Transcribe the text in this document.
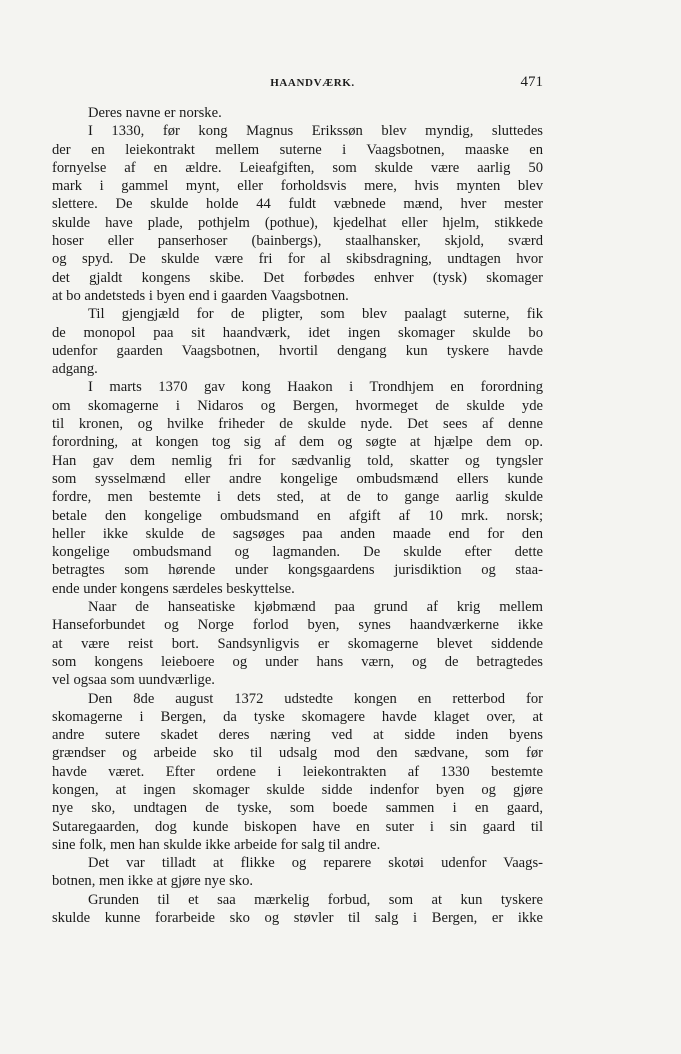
HAANDVÆRK.	471
Deres navne er norske.
I 1330, før kong Magnus Erikssøn blev myndig, sluttedes
der en leiekontrakt mellem suterne i Vaagsbotnen, maaske en
fornyelse af en ældre. Leieafgiften, som skulde være aarlig 50
mark i gammel mynt, eller forholdsvis mere, hvis mynten blev
slettere. De skulde holde 44 fuldt væbnede mænd, hver mester
skulde have plade, pothjelm (pothue), kjedelhat eller hjelm, stikkede
hoser eller panserhoser (bainbergs), staalhansker, skjold, sværd
og spyd. De skulde være fri for al skibsdragning, undtagen hvor
det gjaldt kongens skibe. Det forbødes enhver (tysk) skomager
at bo andetsteds i byen end i gaarden Vaagsbotnen.
Til gjengjæld for de pligter, som blev paalagt suterne, fik
de monopol paa sit haandværk, idet ingen skomager skulde bo
udenfor gaarden Vaagsbotnen, hvortil dengang kun tyskere havde
adgang.
I marts 1370 gav kong Haakon i Trondhjem en forordning
om skomagerne i Nidaros og Bergen, hvormeget de skulde yde
til kronen, og hvilke friheder de skulde nyde. Det sees af denne
forordning, at kongen tog sig af dem og søgte at hjælpe dem op.
Han gav dem nemlig fri for sædvanlig told, skatter og tyngsler
som sysselmænd eller andre kongelige ombudsmænd ellers kunde
fordre, men bestemte i dets sted, at de to gange aarlig skulde
betale den kongelige ombudsmand en afgift af 10 mrk. norsk;
heller ikke skulde de sagsøges paa anden maade end for den
kongelige ombudsmand og lagmanden. De skulde efter dette
betragtes som hørende under kongsgaardens jurisdiktion og staa-
ende under kongens særdeles beskyttelse.
Naar de hanseatiske kjøbmænd paa grund af krig mellem
Hanseforbundet og Norge forlod byen, synes haandværkerne ikke
at være reist bort. Sandsynligvis er skomagerne blevet siddende
som kongens leieboere og under hans værn, og de betragtedes
vel ogsaa som uundværlige.
Den 8de august 1372 udstedte kongen en retterbod for
skomagerne i Bergen, da tyske skomagere havde klaget over, at
andre sutere skadet deres næring ved at sidde inden byens
grændser og arbeide sko til udsalg mod den sædvane, som før
havde været. Efter ordene i leiekontrakten af 1330 bestemte
kongen, at ingen skomager skulde sidde indenfor byen og gjøre
nye sko, undtagen de tyske, som boede sammen i en gaard,
Sutaregaarden, dog kunde biskopen have en suter i sin gaard til
sine folk, men han skulde ikke arbeide for salg til andre.
Det var tilladt at flikke og reparere skotøi udenfor Vaags-
botnen, men ikke at gjøre nye sko.
Grunden til et saa mærkelig forbud, som at kun tyskere
skulde kunne forarbeide sko og støvler til salg i Bergen, er ikke
